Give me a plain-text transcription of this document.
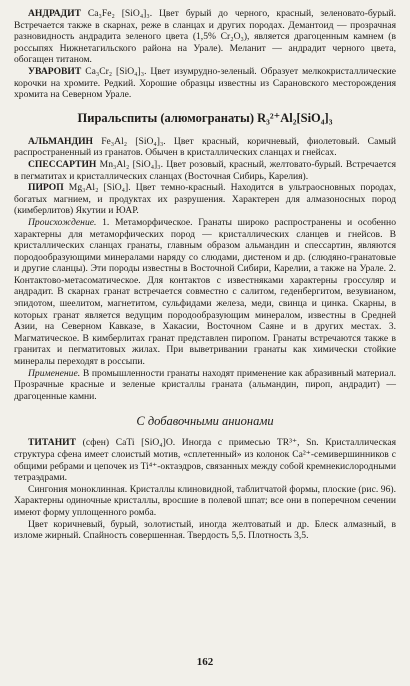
АНДРАДИТ Ca₃Fe₂ [SiO₄]₃. Цвет бурый до черного, красный, зеленовато-бурый. Встречается также в скарнах, реже в сланцах и других породах. Демантоид — прозрачная разновидность андрадита зеленого цвета (1,5% Cr₂O₃), является драгоценным камнем (в россыпях Нижнетагильского района на Урале). Меланит — андрадит черного цвета, обогащен титаном.

УВАРОВИТ Ca₃Cr₂ [SiO₄]₃. Цвет изумрудно-зеленый. Образует мелкокристаллические корочки на хромите. Редкий. Хорошие образцы известны из Сарановского месторождения хромита на Северном Урале.

Пиральспиты (алюмогранаты) R₃²⁺Al₂[SiO₄]₃

АЛЬМАНДИН Fe₃Al₂ [SiO₄]₃. Цвет красный, коричневый, фиолетовый. Самый распространенный из гранатов. Обычен в кристаллических сланцах и гнейсах.

СПЕССАРТИН Mn₃Al₂ [SiO₄]₃. Цвет розовый, красный, желтовато-бурый. Встречается в пегматитах и кристаллических сланцах (Восточная Сибирь, Карелия).

ПИРОП Mg₃Al₂ [SiO₄]. Цвет темно-красный. Находится в ультраосновных породах, богатых магнием, и продуктах их разрушения. Характерен для алмазоносных пород (кимберлитов) Якутии и ЮАР.

Происхождение. 1. Метаморфическое. Гранаты широко распространены и особенно характерны для метаморфических пород — кристаллических сланцев и гнейсов. В кристаллических сланцах гранаты, главным образом альмандин и спессартин, являются породообразующими минералами наряду со слюдами, дистеном и др. (слюдяно-гранатовые и другие сланцы). Эти породы известны в Восточной Сибири, Карелии, а также на Урале. 2. Контактово-метасоматическое. Для контактов с известняками характерны гроссуляр и андрадит. В скарнах гранат встречается совместно с салитом, геденбергитом, везувианом, эпидотом, шеелитом, магнетитом, сульфидами железа, меди, свинца и цинка. Скарны, в которых гранат является ведущим породообразующим минералом, известны в Средней Азии, на Северном Кавказе, в Хакасии, Восточном Саяне и в других местах. 3. Магматическое. В кимберлитах гранат представлен пиропом. Гранаты встречаются также в гранитах и пегматитовых жилах. При выветривании гранаты как химически стойкие минералы переходят в россыпи.

Применение. В промышленности гранаты находят применение как абразивный материал. Прозрачные красные и зеленые кристаллы граната (альмандин, пироп, андрадит) — драгоценные камни.

С добавочными анионами

ТИТАНИТ (сфен) CaTi [SiO₄]O. Иногда с примесью TR³⁺, Sn. Кристаллическая структура сфена имеет слоистый мотив, «сплетенный» из колонок Ca²⁺-семивершинников с общими ребрами и цепочек из Ti⁴⁺-октаэдров, связанных между собой кремнекислородными тетраэдрами.

Сингония моноклинная. Кристаллы клиновидной, таблитчатой формы, плоские (рис. 96). Характерны одиночные кристаллы, вросшие в полевой шпат; все они в поперечном сечении имеют форму уплощенного ромба.

Цвет коричневый, бурый, золотистый, иногда желтоватый и др. Блеск алмазный, в изломе жирный. Спайность совершенная. Твердость 5,5. Плотность 3,5.

162
